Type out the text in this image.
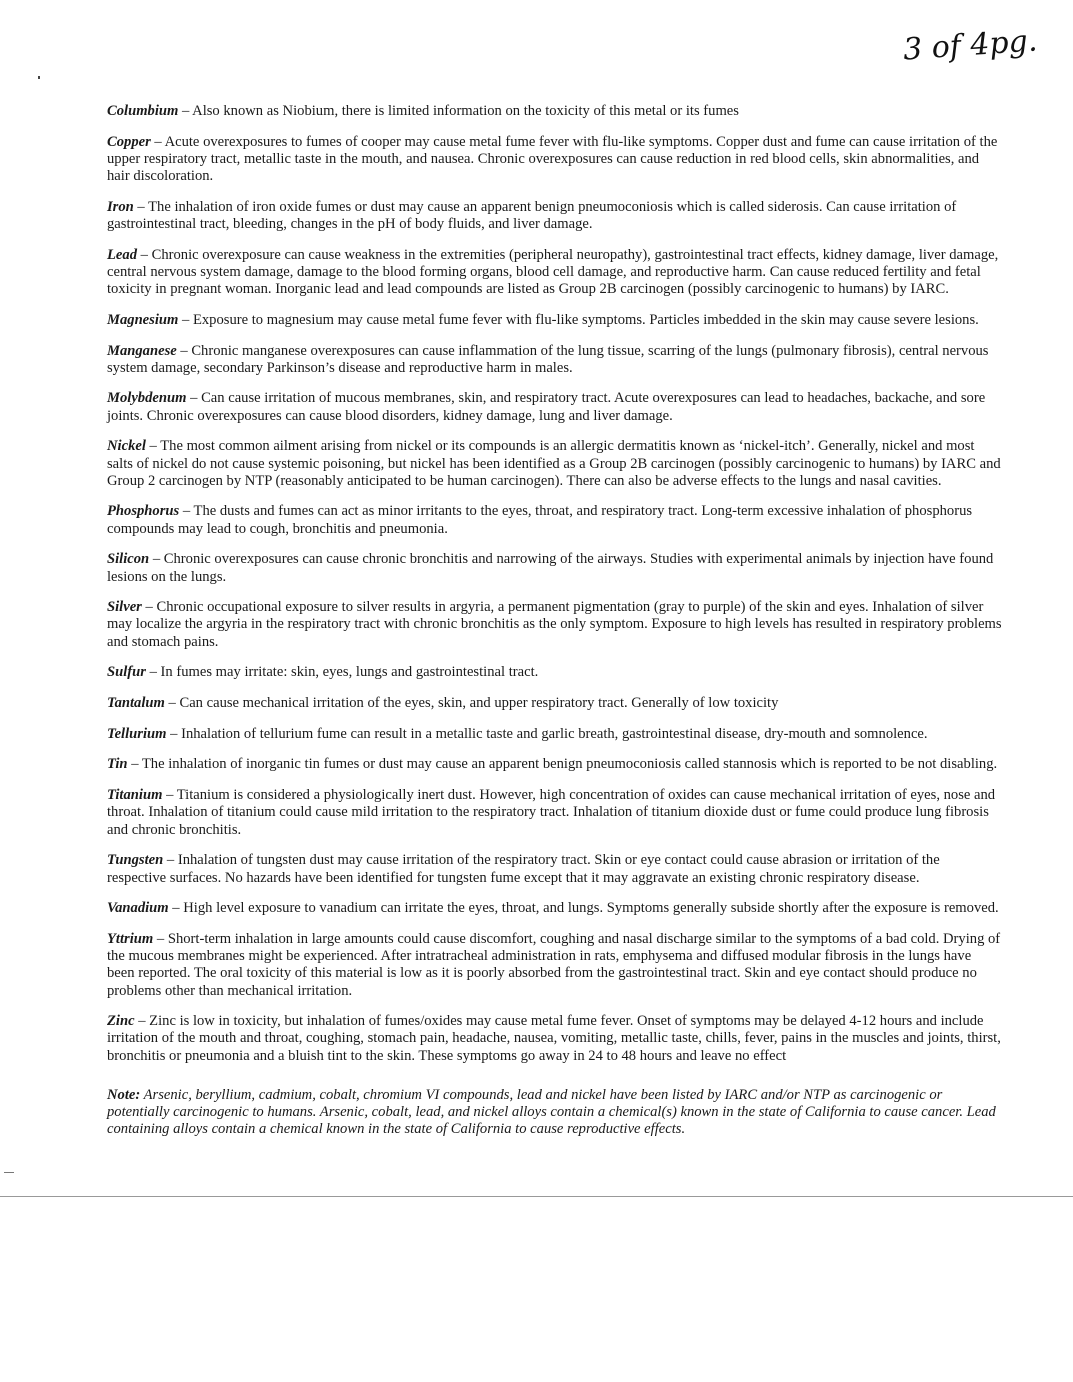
3 of 4pg.

Columbium – Also known as Niobium, there is limited information on the toxicity of this metal or its fumes

Copper – Acute overexposures to fumes of cooper may cause metal fume fever with flu-like symptoms. Copper dust and fume can cause irritation of the upper respiratory tract, metallic taste in the mouth, and nausea. Chronic overexposures can cause reduction in red blood cells, skin abnormalities, and hair discoloration.

Iron – The inhalation of iron oxide fumes or dust may cause an apparent benign pneumoconiosis which is called siderosis. Can cause irritation of gastrointestinal tract, bleeding, changes in the pH of body fluids, and liver damage.

Lead – Chronic overexposure can cause weakness in the extremities (peripheral neuropathy), gastrointestinal tract effects, kidney damage, liver damage, central nervous system damage, damage to the blood forming organs, blood cell damage, and reproductive harm. Can cause reduced fertility and fetal toxicity in pregnant woman. Inorganic lead and lead compounds are listed as Group 2B carcinogen (possibly carcinogenic to humans) by IARC.

Magnesium – Exposure to magnesium may cause metal fume fever with flu-like symptoms. Particles imbedded in the skin may cause severe lesions.

Manganese – Chronic manganese overexposures can cause inflammation of the lung tissue, scarring of the lungs (pulmonary fibrosis), central nervous system damage, secondary Parkinson’s disease and reproductive harm in males.

Molybdenum – Can cause irritation of mucous membranes, skin, and respiratory tract. Acute overexposures can lead to headaches, backache, and sore joints. Chronic overexposures can cause blood disorders, kidney damage, lung and liver damage.

Nickel – The most common ailment arising from nickel or its compounds is an allergic dermatitis known as ‘nickel-itch’. Generally, nickel and most salts of nickel do not cause systemic poisoning, but nickel has been identified as a Group 2B carcinogen (possibly carcinogenic to humans) by IARC and Group 2 carcinogen by NTP (reasonably anticipated to be human carcinogen). There can also be adverse effects to the lungs and nasal cavities.

Phosphorus – The dusts and fumes can act as minor irritants to the eyes, throat, and respiratory tract. Long-term excessive inhalation of phosphorus compounds may lead to cough, bronchitis and pneumonia.

Silicon – Chronic overexposures can cause chronic bronchitis and narrowing of the airways. Studies with experimental animals by injection have found lesions on the lungs.

Silver – Chronic occupational exposure to silver results in argyria, a permanent pigmentation (gray to purple) of the skin and eyes. Inhalation of silver may localize the argyria in the respiratory tract with chronic bronchitis as the only symptom. Exposure to high levels has resulted in respiratory problems and stomach pains.

Sulfur – In fumes may irritate: skin, eyes, lungs and gastrointestinal tract.

Tantalum – Can cause mechanical irritation of the eyes, skin, and upper respiratory tract. Generally of low toxicity

Tellurium – Inhalation of tellurium fume can result in a metallic taste and garlic breath, gastrointestinal disease, dry-mouth and somnolence.

Tin – The inhalation of inorganic tin fumes or dust may cause an apparent benign pneumoconiosis called stannosis which is reported to be not disabling.

Titanium – Titanium is considered a physiologically inert dust. However, high concentration of oxides can cause mechanical irritation of eyes, nose and throat. Inhalation of titanium could cause mild irritation to the respiratory tract. Inhalation of titanium dioxide dust or fume could produce lung fibrosis and chronic bronchitis.

Tungsten – Inhalation of tungsten dust may cause irritation of the respiratory tract. Skin or eye contact could cause abrasion or irritation of the respective surfaces. No hazards have been identified for tungsten fume except that it may aggravate an existing chronic respiratory disease.

Vanadium – High level exposure to vanadium can irritate the eyes, throat, and lungs. Symptoms generally subside shortly after the exposure is removed.

Yttrium – Short-term inhalation in large amounts could cause discomfort, coughing and nasal discharge similar to the symptoms of a bad cold. Drying of the mucous membranes might be experienced. After intratracheal administration in rats, emphysema and diffused modular fibrosis in the lungs have been reported. The oral toxicity of this material is low as it is poorly absorbed from the gastrointestinal tract. Skin and eye contact should produce no problems other than mechanical irritation.

Zinc – Zinc is low in toxicity, but inhalation of fumes/oxides may cause metal fume fever. Onset of symptoms may be delayed 4-12 hours and include irritation of the mouth and throat, coughing, stomach pain, headache, nausea, vomiting, metallic taste, chills, fever, pains in the muscles and joints, thirst, bronchitis or pneumonia and a bluish tint to the skin. These symptoms go away in 24 to 48 hours and leave no effect

Note: Arsenic, beryllium, cadmium, cobalt, chromium VI compounds, lead and nickel have been listed by IARC and/or NTP as carcinogenic or potentially carcinogenic to humans. Arsenic, cobalt, lead, and nickel alloys contain a chemical(s) known in the state of California to cause cancer. Lead containing alloys contain a chemical known in the state of California to cause reproductive effects.
